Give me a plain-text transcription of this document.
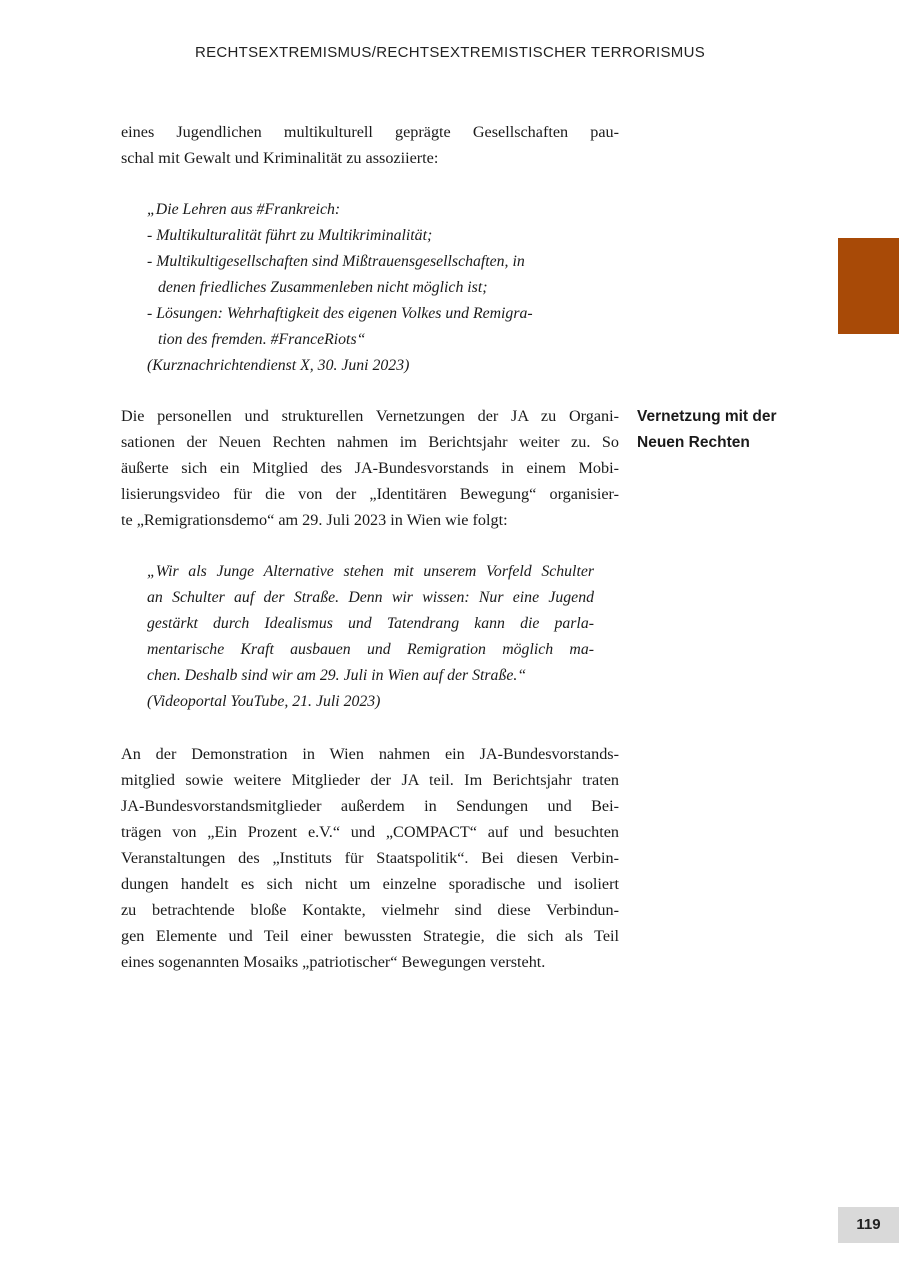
RECHTSEXTREMISMUS/RECHTSEXTREMISTISCHER TERRORISMUS
eines Jugendlichen multikulturell geprägte Gesellschaften pau-
schal mit Gewalt und Kriminalität zu assoziierte:
„Die Lehren aus #Frankreich:
- Multikulturalität führt zu Multikriminalität;
- Multikultigesellschaften sind Mißtrauensgesellschaften, in
denen friedliches Zusammenleben nicht möglich ist;
- Lösungen: Wehrhaftigkeit des eigenen Volkes und Remigra-
tion des fremden. #FranceRiots“
(Kurznachrichtendienst X, 30. Juni 2023)
Vernetzung mit der
Neuen Rechten
Die personellen und strukturellen Vernetzungen der JA zu Organi-
sationen der Neuen Rechten nahmen im Berichtsjahr weiter zu. So
äußerte sich ein Mitglied des JA-Bundesvorstands in einem Mobi-
lisierungsvideo für die von der „Identitären Bewegung“ organisier-
te „Remigrationsdemo“ am 29. Juli 2023 in Wien wie folgt:
„Wir als Junge Alternative stehen mit unserem Vorfeld Schulter
an Schulter auf der Straße. Denn wir wissen: Nur eine Jugend
gestärkt durch Idealismus und Tatendrang kann die parla-
mentarische Kraft ausbauen und Remigration möglich ma-
chen. Deshalb sind wir am 29. Juli in Wien auf der Straße.“
(Videoportal YouTube, 21. Juli 2023)
An der Demonstration in Wien nahmen ein JA-Bundesvorstands-
mitglied sowie weitere Mitglieder der JA teil. Im Berichtsjahr traten
JA-Bundesvorstandsmitglieder außerdem in Sendungen und Bei-
trägen von „Ein Prozent e.V.“ und „COMPACT“ auf und besuchten
Veranstaltungen des „Instituts für Staatspolitik“. Bei diesen Verbin-
dungen handelt es sich nicht um einzelne sporadische und isoliert
zu betrachtende bloße Kontakte, vielmehr sind diese Verbindun-
gen Elemente und Teil einer bewussten Strategie, die sich als Teil
eines sogenannten Mosaiks „patriotischer“ Bewegungen versteht.
119
